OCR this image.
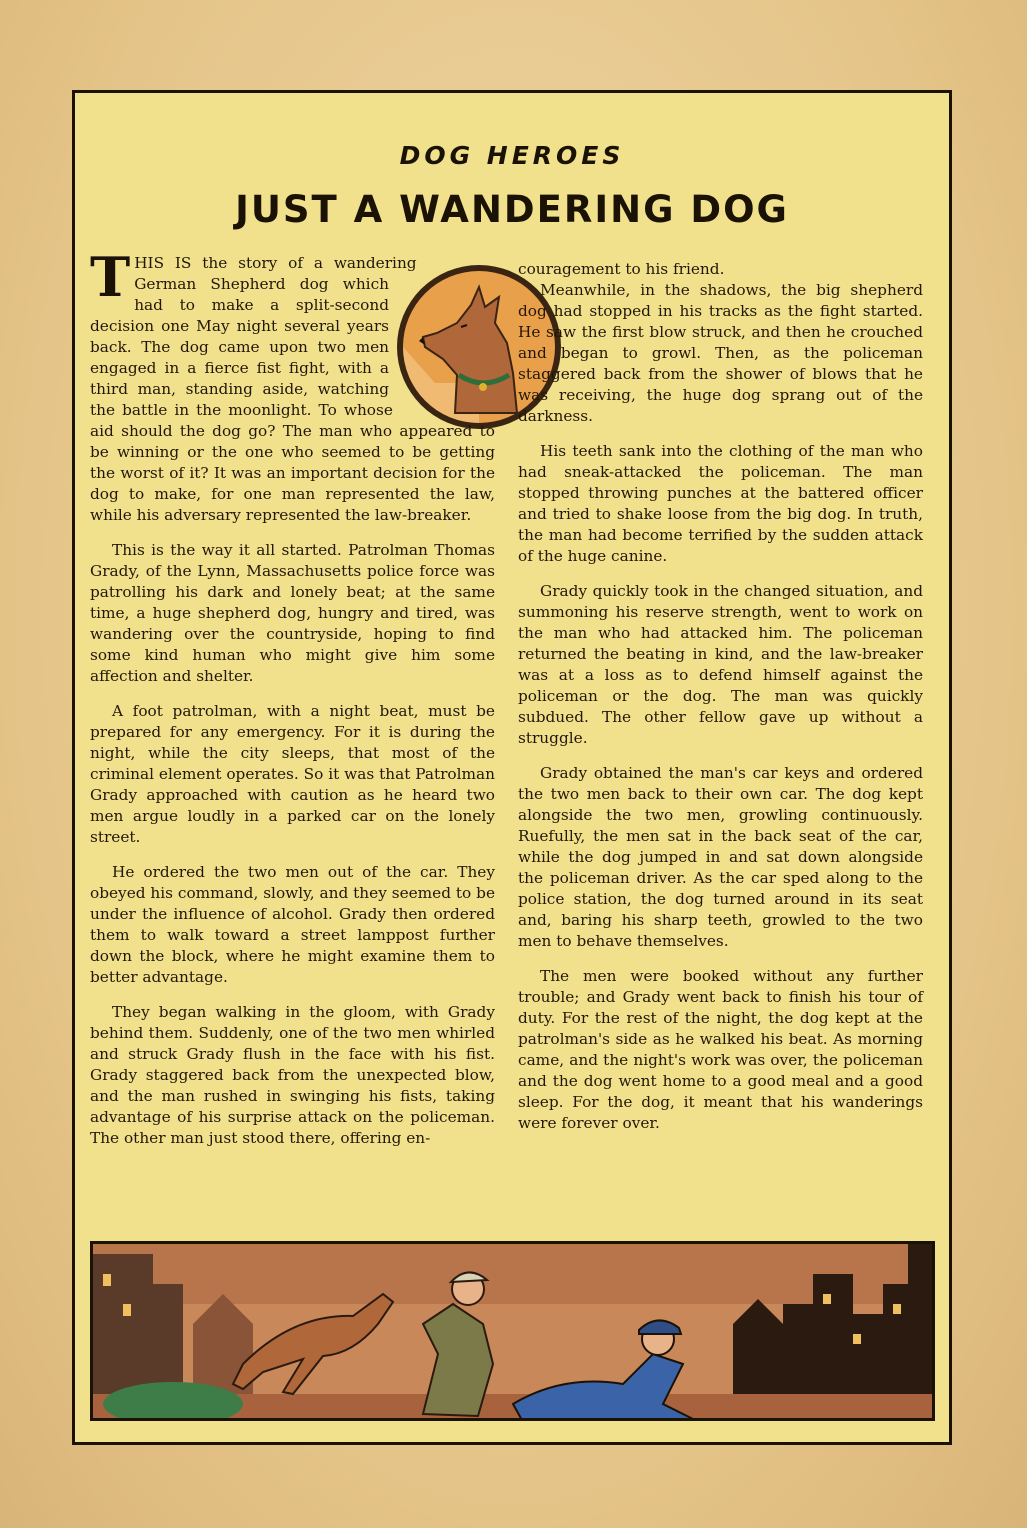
DOG HEROES
JUST A WANDERING DOG

THIS IS the story of a wandering German Shepherd dog which had to make a split-second decision one May night several years back. The dog came upon two men engaged in a fierce fist fight, with a third man, standing aside, watching the battle in the moonlight. To whose aid should the dog go? The man who appeared to be winning or the one who seemed to be getting the worst of it? It was an important decision for the dog to make, for one man represented the law, while his adversary represented the law-breaker.

This is the way it all started. Patrolman Thomas Grady, of the Lynn, Massachusetts police force was patrolling his dark and lonely beat; at the same time, a huge shepherd dog, hungry and tired, was wandering over the countryside, hoping to find some kind human who might give him some affection and shelter.

A foot patrolman, with a night beat, must be prepared for any emergency. For it is during the night, while the city sleeps, that most of the criminal element operates. So it was that Patrolman Grady approached with caution as he heard two men argue loudly in a parked car on the lonely street.

He ordered the two men out of the car. They obeyed his command, slowly, and they seemed to be under the influence of alcohol. Grady then ordered them to walk toward a street lamppost further down the block, where he might examine them to better advantage.

They began walking in the gloom, with Grady behind them. Suddenly, one of the two men whirled and struck Grady flush in the face with his fist. Grady staggered back from the unexpected blow, and the man rushed in swinging his fists, taking advantage of his surprise attack on the policeman. The other man just stood there, offering en-

couragement to his friend.

Meanwhile, in the shadows, the big shepherd dog had stopped in his tracks as the fight started. He saw the first blow struck, and then he crouched and began to growl. Then, as the policeman staggered back from the shower of blows that he was receiving, the huge dog sprang out of the darkness.

His teeth sank into the clothing of the man who had sneak-attacked the policeman. The man stopped throwing punches at the battered officer and tried to shake loose from the big dog. In truth, the man had become terrified by the sudden attack of the huge canine.

Grady quickly took in the changed situation, and summoning his reserve strength, went to work on the man who had attacked him. The policeman returned the beating in kind, and the law-breaker was at a loss as to defend himself against the policeman or the dog. The man was quickly subdued. The other fellow gave up without a struggle.

Grady obtained the man's car keys and ordered the two men back to their own car. The dog kept alongside the two men, growling continuously. Ruefully, the men sat in the back seat of the car, while the dog jumped in and sat down alongside the policeman driver. As the car sped along to the police station, the dog turned around in its seat and, baring his sharp teeth, growled to the two men to behave themselves.

The men were booked without any further trouble; and Grady went back to finish his tour of duty. For the rest of the night, the dog kept at the patrolman's side as he walked his beat. As morning came, and the night's work was over, the policeman and the dog went home to a good meal and a good sleep. For the dog, it meant that his wanderings were forever over.
